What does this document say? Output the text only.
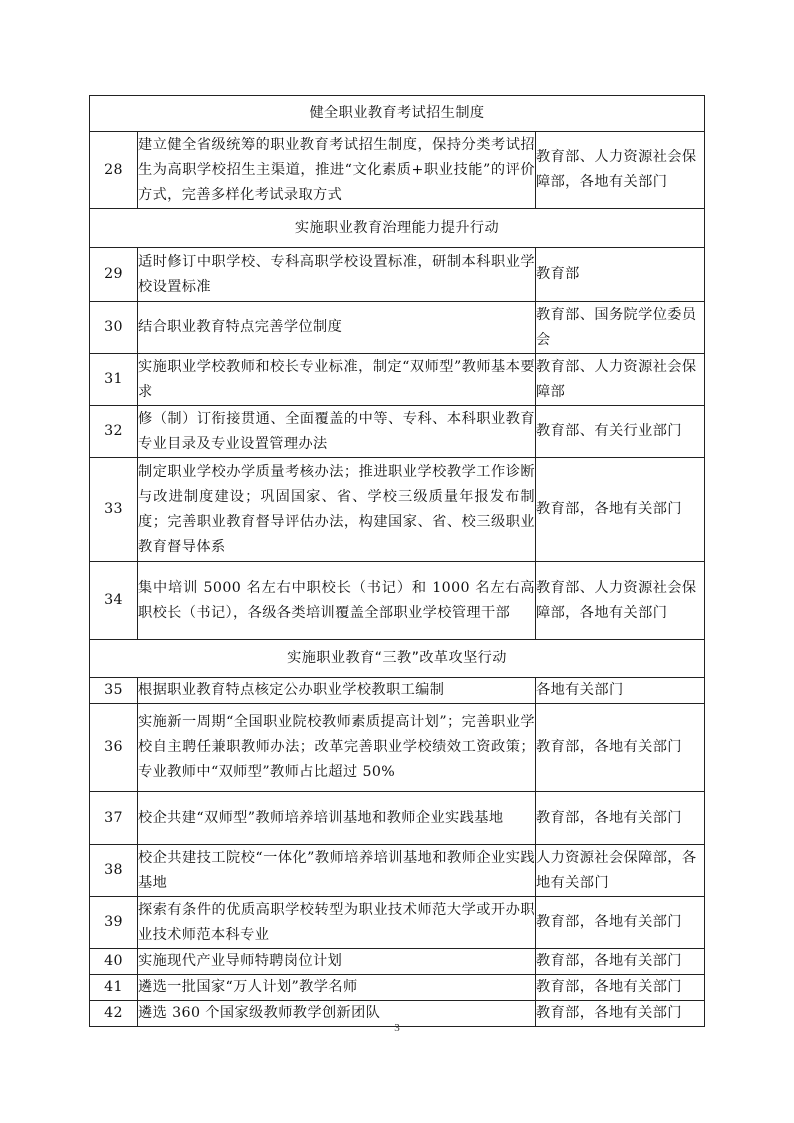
健全职业教育考试招生制度		
28	建立健全省级统筹的职业教育考试招生制度，保持分类考试招生为高职学校招生主渠道，推进“文化素质+职业技能”的评价方式，完善多样化考试录取方式	教育部、人力资源社会保障部，各地有关部门
实施职业教育治理能力提升行动		
29	适时修订中职学校、专科高职学校设置标准，研制本科职业学校设置标准	教育部
30	结合职业教育特点完善学位制度	教育部、国务院学位委员会
31	实施职业学校教师和校长专业标准，制定“双师型”教师基本要求	教育部、人力资源社会保障部
32	修（制）订衔接贯通、全面覆盖的中等、专科、本科职业教育专业目录及专业设置管理办法	教育部、有关行业部门
33	制定职业学校办学质量考核办法；推进职业学校教学工作诊断与改进制度建设；巩固国家、省、学校三级质量年报发布制度；完善职业教育督导评估办法，构建国家、省、校三级职业教育督导体系	教育部，各地有关部门
34	集中培训 5000 名左右中职校长（书记）和 1000 名左右高职校长（书记），各级各类培训覆盖全部职业学校管理干部	教育部、人力资源社会保障部，各地有关部门
实施职业教育“三教”改革攻坚行动		
35	根据职业教育特点核定公办职业学校教职工编制	各地有关部门
36	实施新一周期“全国职业院校教师素质提高计划”；完善职业学校自主聘任兼职教师办法；改革完善职业学校绩效工资政策；专业教师中“双师型”教师占比超过 50%	教育部，各地有关部门
37	校企共建“双师型”教师培养培训基地和教师企业实践基地	教育部，各地有关部门
38	校企共建技工院校“一体化”教师培养培训基地和教师企业实践基地	人力资源社会保障部，各地有关部门
39	探索有条件的优质高职学校转型为职业技术师范大学或开办职业技术师范本科专业	教育部，各地有关部门
40	实施现代产业导师特聘岗位计划	教育部，各地有关部门
41	遴选一批国家“万人计划”教学名师	教育部，各地有关部门
42	遴选 360 个国家级教师教学创新团队	教育部，各地有关部门
3
